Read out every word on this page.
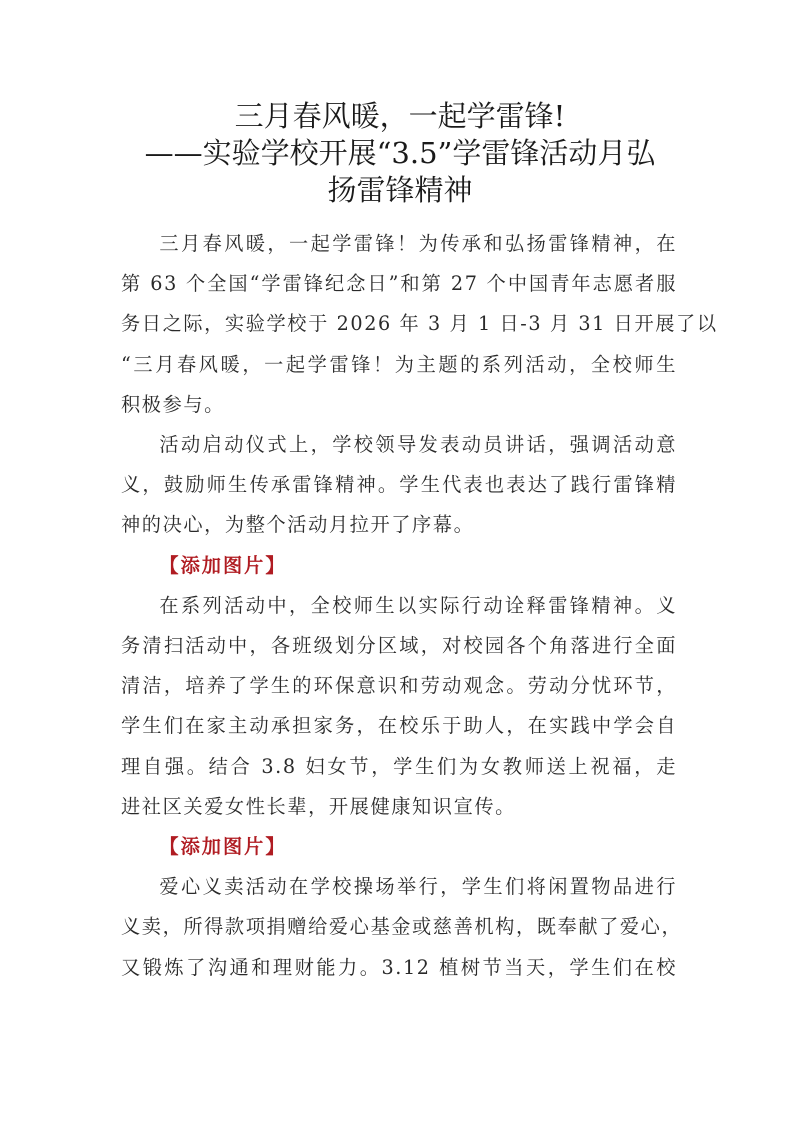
三月春风暖，一起学雷锋!
——实验学校开展“3.5”学雷锋活动月弘
扬雷锋精神

三月春风暖，一起学雷锋！为传承和弘扬雷锋精神，在
第 63 个全国“学雷锋纪念日”和第 27 个中国青年志愿者服
务日之际，实验学校于 2026 年 3 月 1 日-3 月 31 日开展了以
“三月春风暖，一起学雷锋！为主题的系列活动，全校师生
积极参与。

活动启动仪式上，学校领导发表动员讲话，强调活动意
义，鼓励师生传承雷锋精神。学生代表也表达了践行雷锋精
神的决心，为整个活动月拉开了序幕。

【添加图片】

在系列活动中，全校师生以实际行动诠释雷锋精神。义
务清扫活动中，各班级划分区域，对校园各个角落进行全面
清洁，培养了学生的环保意识和劳动观念。劳动分忧环节，
学生们在家主动承担家务，在校乐于助人，在实践中学会自
理自强。结合 3.8 妇女节，学生们为女教师送上祝福，走
进社区关爱女性长辈，开展健康知识宣传。

【添加图片】

爱心义卖活动在学校操场举行，学生们将闲置物品进行
义卖，所得款项捐赠给爱心基金或慈善机构，既奉献了爱心，
又锻炼了沟通和理财能力。3.12 植树节当天，学生们在校
